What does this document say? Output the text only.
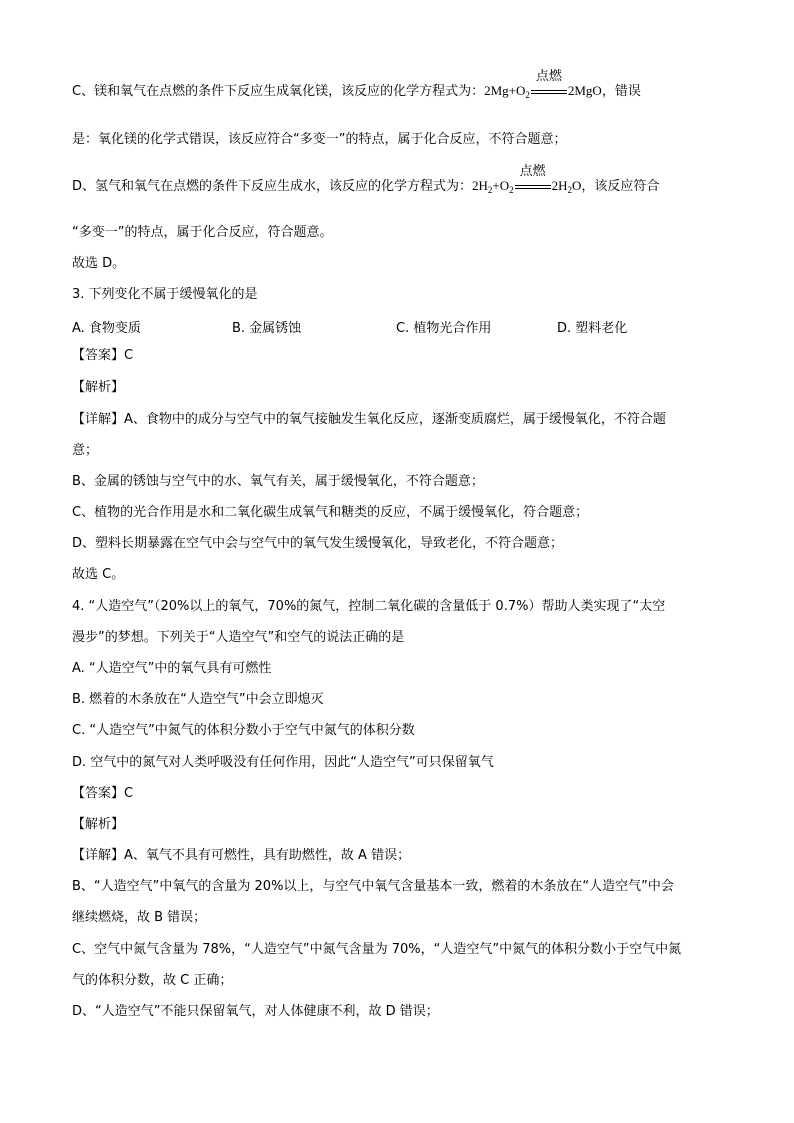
C、镁和氧气在点燃的条件下反应生成氧化镁，该反应的化学方程式为：$2Mg+O_2$
点燃
2MgO，错误
是：氧化镁的化学式错误，该反应符合“多变一”的特点，属于化合反应，不符合题意；
D、氢气和氧气在点燃的条件下反应生成水，该反应的化学方程式为：$2H_2+O_2$
点燃
$2H_2O$，该反应符合
“多变一”的特点，属于化合反应，符合题意。
故选 D。
3. 下列变化不属于缓慢氧化的是
A. 食物变质	B. 金属锈蚀	C. 植物光合作用	D. 塑料老化
【答案】C
【解析】
【详解】A、食物中的成分与空气中的氧气接触发生氧化反应，逐渐变质腐烂，属于缓慢氧化，不符合题
意；
B、金属的锈蚀与空气中的水、氧气有关，属于缓慢氧化，不符合题意；
C、植物的光合作用是水和二氧化碳生成氧气和糖类的反应，不属于缓慢氧化，符合题意；
D、塑料长期暴露在空气中会与空气中的氧气发生缓慢氧化，导致老化，不符合题意；
故选 C。
4. “人造空气”（20%以上的氧气，70%的氮气，控制二氧化碳的含量低于 0.7%）帮助人类实现了“太空
漫步”的梦想。下列关于“人造空气”和空气的说法正确的是
A. “人造空气”中的氧气具有可燃性
B. 燃着的木条放在“人造空气”中会立即熄灭
C. “人造空气”中氮气的体积分数小于空气中氮气的体积分数
D. 空气中的氮气对人类呼吸没有任何作用，因此“人造空气”可只保留氧气
【答案】C
【解析】
【详解】A、氧气不具有可燃性，具有助燃性，故 A 错误；
B、“人造空气”中氧气的含量为 20%以上，与空气中氧气含量基本一致，燃着的木条放在“人造空气”中会
继续燃烧，故 B 错误；
C、空气中氮气含量为 78%，“人造空气”中氮气含量为 70%，“人造空气”中氮气的体积分数小于空气中氮
气的体积分数，故 C 正确；
D、“人造空气”不能只保留氧气，对人体健康不利，故 D 错误；
